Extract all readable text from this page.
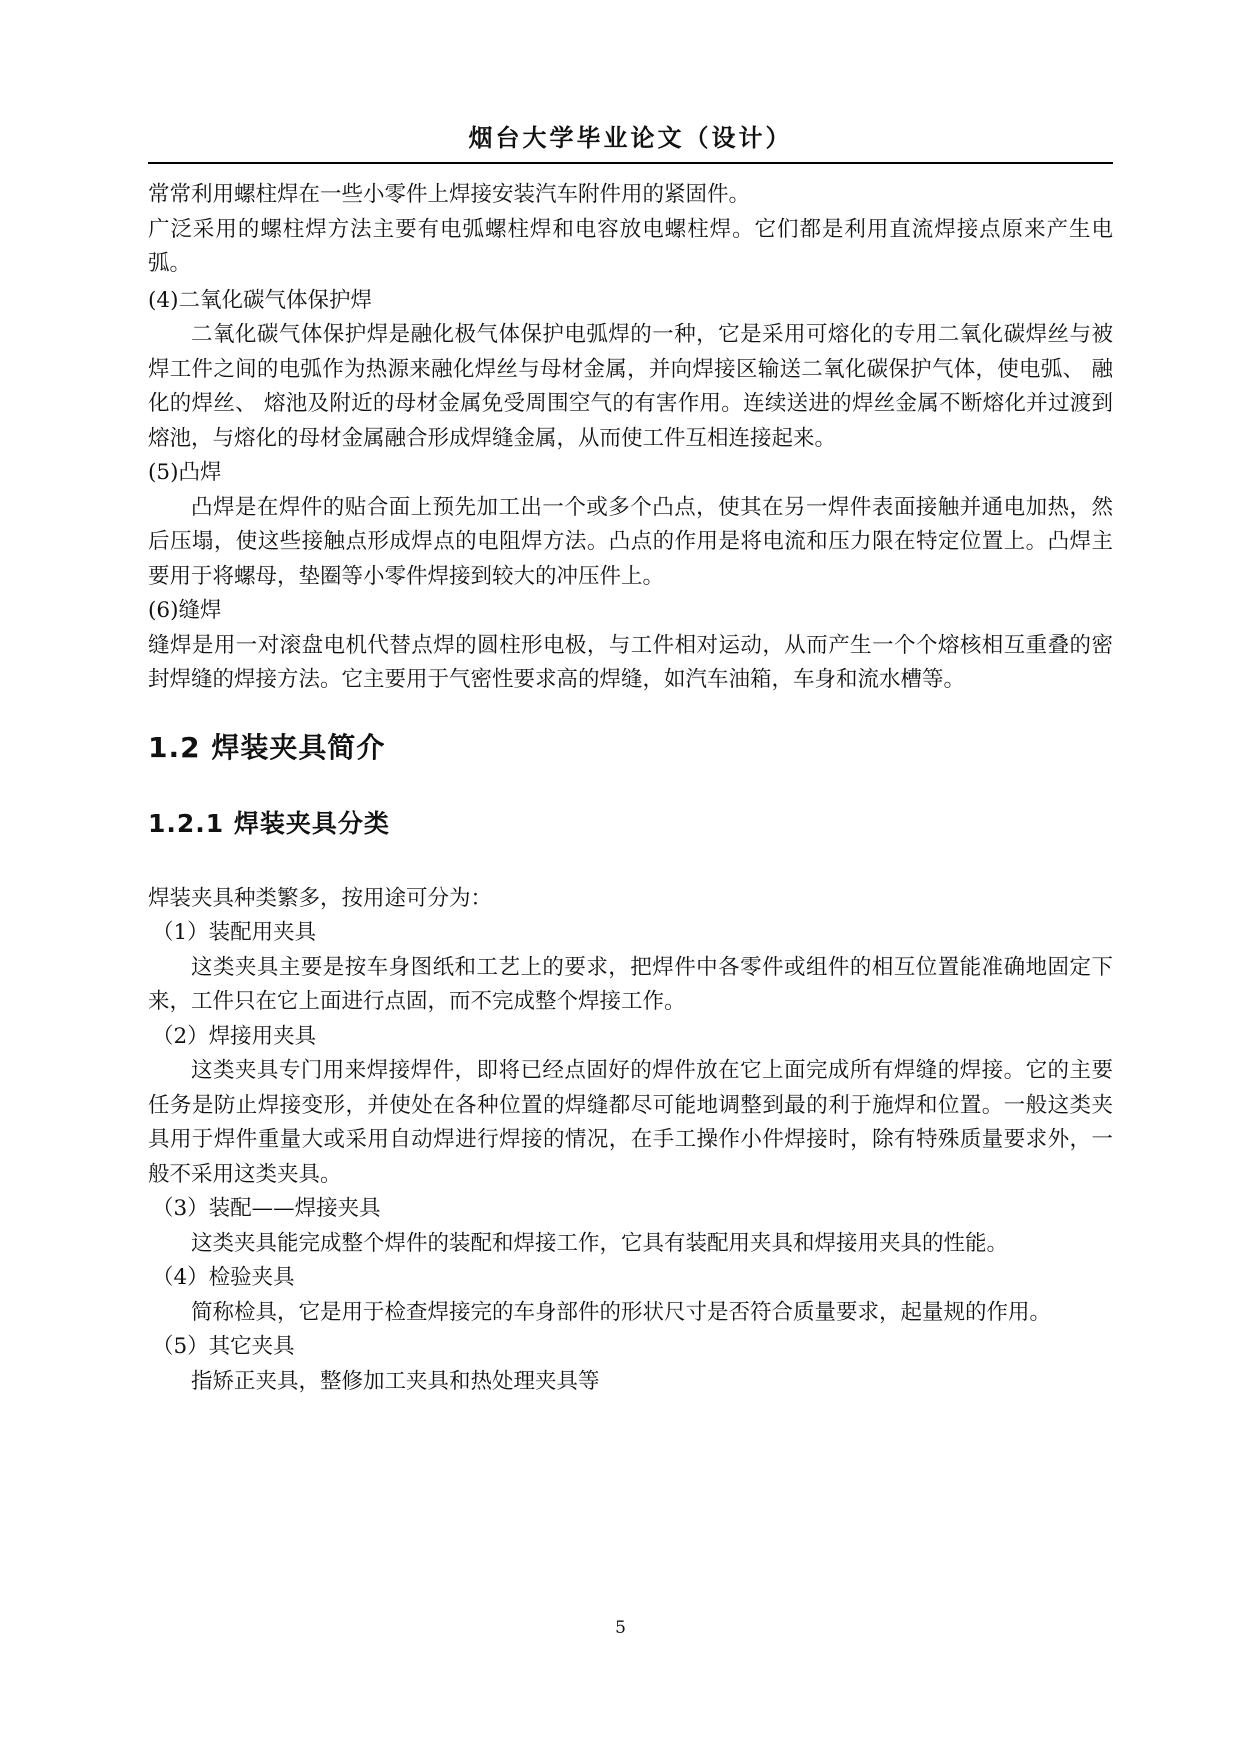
烟台大学毕业论文（设计）

常常利用螺柱焊在一些小零件上焊接安装汽车附件用的紧固件。

广泛采用的螺柱焊方法主要有电弧螺柱焊和电容放电螺柱焊。它们都是利用直流焊接点原来产生电弧。

(4)二氧化碳气体保护焊

二氧化碳气体保护焊是融化极气体保护电弧焊的一种，它是采用可熔化的专用二氧化碳焊丝与被焊工件之间的电弧作为热源来融化焊丝与母材金属，并向焊接区输送二氧化碳保护气体，使电弧、 融化的焊丝、 熔池及附近的母材金属免受周围空气的有害作用。连续送进的焊丝金属不断熔化并过渡到熔池，与熔化的母材金属融合形成焊缝金属，从而使工件互相连接起来。

(5)凸焊

凸焊是在焊件的贴合面上预先加工出一个或多个凸点，使其在另一焊件表面接触并通电加热，然后压塌，使这些接触点形成焊点的电阻焊方法。凸点的作用是将电流和压力限在特定位置上。凸焊主要用于将螺母，垫圈等小零件焊接到较大的冲压件上。

(6)缝焊

缝焊是用一对滚盘电机代替点焊的圆柱形电极，与工件相对运动，从而产生一个个熔核相互重叠的密封焊缝的焊接方法。它主要用于气密性要求高的焊缝，如汽车油箱，车身和流水槽等。

1.2 焊装夹具简介
1.2.1 焊装夹具分类

焊装夹具种类繁多，按用途可分为：

（1）装配用夹具

这类夹具主要是按车身图纸和工艺上的要求，把焊件中各零件或组件的相互位置能准确地固定下来，工件只在它上面进行点固，而不完成整个焊接工作。

（2）焊接用夹具

这类夹具专门用来焊接焊件，即将已经点固好的焊件放在它上面完成所有焊缝的焊接。它的主要任务是防止焊接变形，并使处在各种位置的焊缝都尽可能地调整到最的利于施焊和位置。一般这类夹具用于焊件重量大或采用自动焊进行焊接的情况，在手工操作小件焊接时，除有特殊质量要求外，一般不采用这类夹具。

（3）装配——焊接夹具

这类夹具能完成整个焊件的装配和焊接工作，它具有装配用夹具和焊接用夹具的性能。

（4）检验夹具

简称检具，它是用于检查焊接完的车身部件的形状尺寸是否符合质量要求，起量规的作用。

（5）其它夹具

指矫正夹具，整修加工夹具和热处理夹具等

5
